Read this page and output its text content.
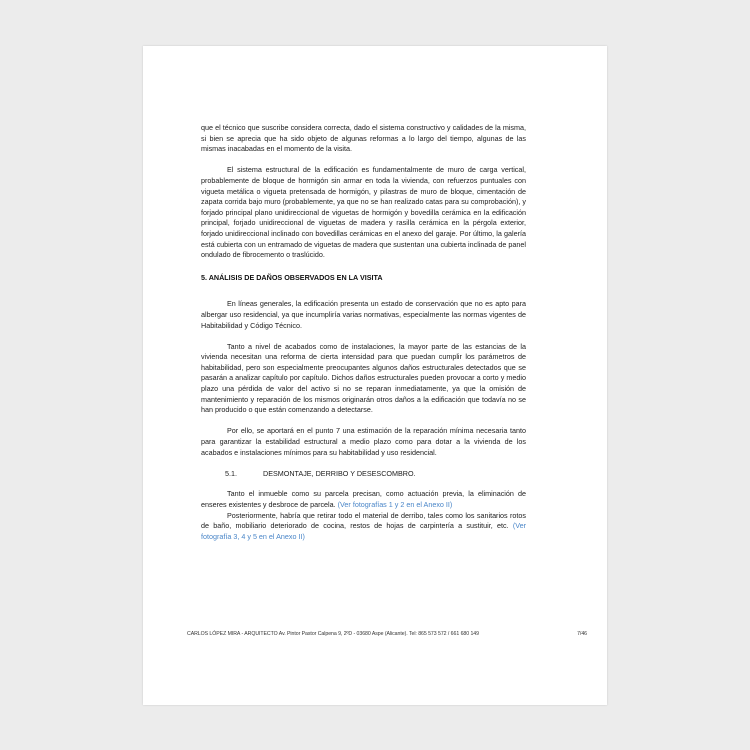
que el técnico que suscribe considera correcta, dado el sistema constructivo y calidades de la misma, si bien se aprecia que ha sido objeto de algunas reformas a lo largo del tiempo, algunas de las mismas inacabadas en el momento de la visita.

El sistema estructural de la edificación es fundamentalmente de muro de carga vertical, probablemente de bloque de hormigón sin armar en toda la vivienda, con refuerzos puntuales con vigueta metálica o vigueta pretensada de hormigón, y pilastras de muro de bloque, cimentación de zapata corrida bajo muro (probablemente, ya que no se han realizado catas para su comprobación), y forjado principal plano unidireccional de viguetas de hormigón y bovedilla cerámica en la edificación principal, forjado unidireccional de viguetas de madera y rasilla cerámica en la pérgola exterior, forjado unidireccional inclinado con bovedillas cerámicas en el anexo del garaje. Por último, la galería está cubierta con un entramado de viguetas de madera que sustentan una cubierta inclinada de panel ondulado de fibrocemento o traslúcido.

5. ANÁLISIS DE DAÑOS OBSERVADOS EN LA VISITA

En líneas generales, la edificación presenta un estado de conservación que no es apto para albergar uso residencial, ya que incumpliría varias normativas, especialmente las normas vigentes de Habitabilidad y Código Técnico.

Tanto a nivel de acabados como de instalaciones, la mayor parte de las estancias de la vivienda necesitan una reforma de cierta intensidad para que puedan cumplir los parámetros de habitabilidad, pero son especialmente preocupantes algunos daños estructurales detectados que se pasarán a analizar capítulo por capítulo. Dichos daños estructurales pueden provocar a corto y medio plazo una pérdida de valor del activo si no se reparan inmediatamente, ya que la omisión de mantenimiento y reparación de los mismos originarán otros daños a la edificación que todavía no se han producido o que están comenzando a detectarse.

Por ello, se aportará en el punto 7 una estimación de la reparación mínima necesaria tanto para garantizar la estabilidad estructural a medio plazo como para dotar a la vivienda de los acabados e instalaciones mínimos para su habitabilidad y uso residencial.

5.1.	DESMONTAJE, DERRIBO Y DESESCOMBRO.

Tanto el inmueble como su parcela precisan, como actuación previa, la eliminación de enseres existentes y desbroce de parcela. (Ver fotografías 1 y 2 en el Anexo II)

Posteriormente, habría que retirar todo el material de derribo, tales como los sanitarios rotos de baño, mobiliario deteriorado de cocina, restos de hojas de carpintería a sustituir, etc. (Ver fotografía 3, 4 y 5 en el Anexo II)

CARLOS LÓPEZ MIRA - ARQUITECTO Av. Pintor Pastor Calpena 9, 2ºD - 03680 Aspe (Alicante). Tel: 865 573 572 / 661 680 149	7/46
